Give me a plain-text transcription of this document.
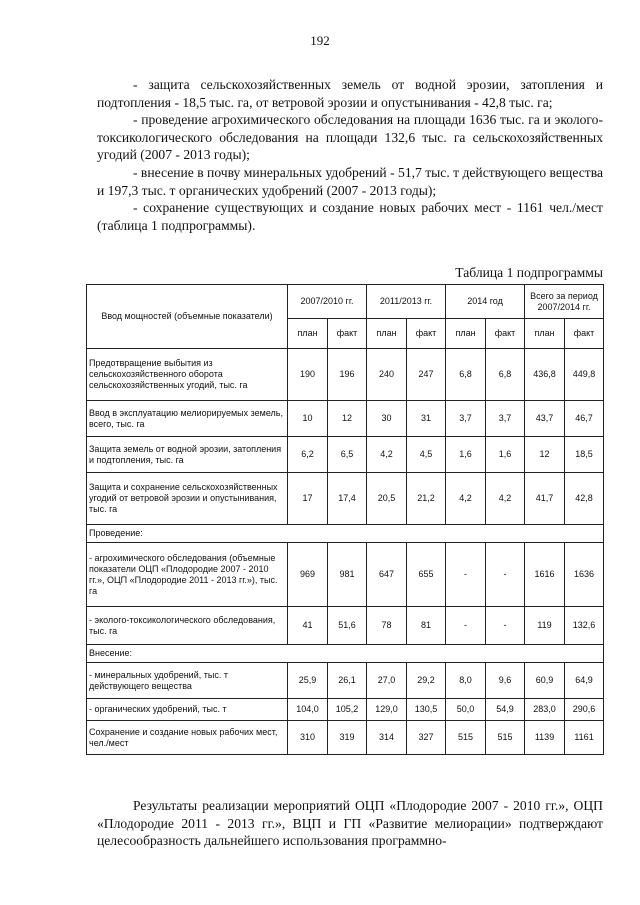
192

- защита сельскохозяйственных земель от водной эрозии, затопления и подтопления - 18,5 тыс. га, от ветровой эрозии и опустынивания - 42,8 тыс. га;

- проведение агрохимического обследования на площади 1636 тыс. га и эколого-токсикологического обследования на площади 132,6 тыс. га сельскохозяйственных угодий (2007 - 2013 годы);

- внесение в почву минеральных удобрений - 51,7 тыс. т действующего вещества и 197,3 тыс. т органических удобрений (2007 - 2013 годы);

- сохранение существующих и создание новых рабочих мест - 1161 чел./мест (таблица 1 подпрограммы).

Таблица 1 подпрограммы
Ввод мощностей (объемные показатели)	2007/2010 гг.		2011/2013 гг.		2014 год		Всего за период 2007/2014 гг.	
	план	факт	план	факт	план	факт	план	факт
Предотвращение выбытия из сельскохозяйственного оборота сельскохозяйственных угодий, тыс. га	190	196	240	247	6,8	6,8	436,8	449,8
Ввод в эксплуатацию мелиорируемых земель, всего, тыс. га	10	12	30	31	3,7	3,7	43,7	46,7
Защита земель от водной эрозии, затопления и подтопления, тыс. га	6,2	6,5	4,2	4,5	1,6	1,6	12	18,5
Защита и сохранение сельскохозяйственных угодий от ветровой эрозии и опустынивания, тыс. га	17	17,4	20,5	21,2	4,2	4,2	41,7	42,8
Проведение:								
- агрохимического обследования (объемные показатели ОЦП «Плодородие 2007 - 2010 гг.», ОЦП «Плодородие 2011 - 2013 гг.»), тыс. га	969	981	647	655	-	-	1616	1636
- эколого-токсикологического обследования, тыс. га	41	51,6	78	81	-	-	119	132,6
Внесение:								
- минеральных удобрений, тыс. т действующего вещества	25,9	26,1	27,0	29,2	8,0	9,6	60,9	64,9
- органических удобрений, тыс. т	104,0	105,2	129,0	130,5	50,0	54,9	283,0	290,6
Сохранение и создание новых рабочих мест, чел./мест	310	319	314	327	515	515	1139	1161
Результаты реализации мероприятий ОЦП «Плодородие 2007 - 2010 гг.», ОЦП «Плодородие 2011 - 2013 гг.», ВЦП и ГП «Развитие мелиорации» подтверждают целесообразность дальнейшего использования программно-
